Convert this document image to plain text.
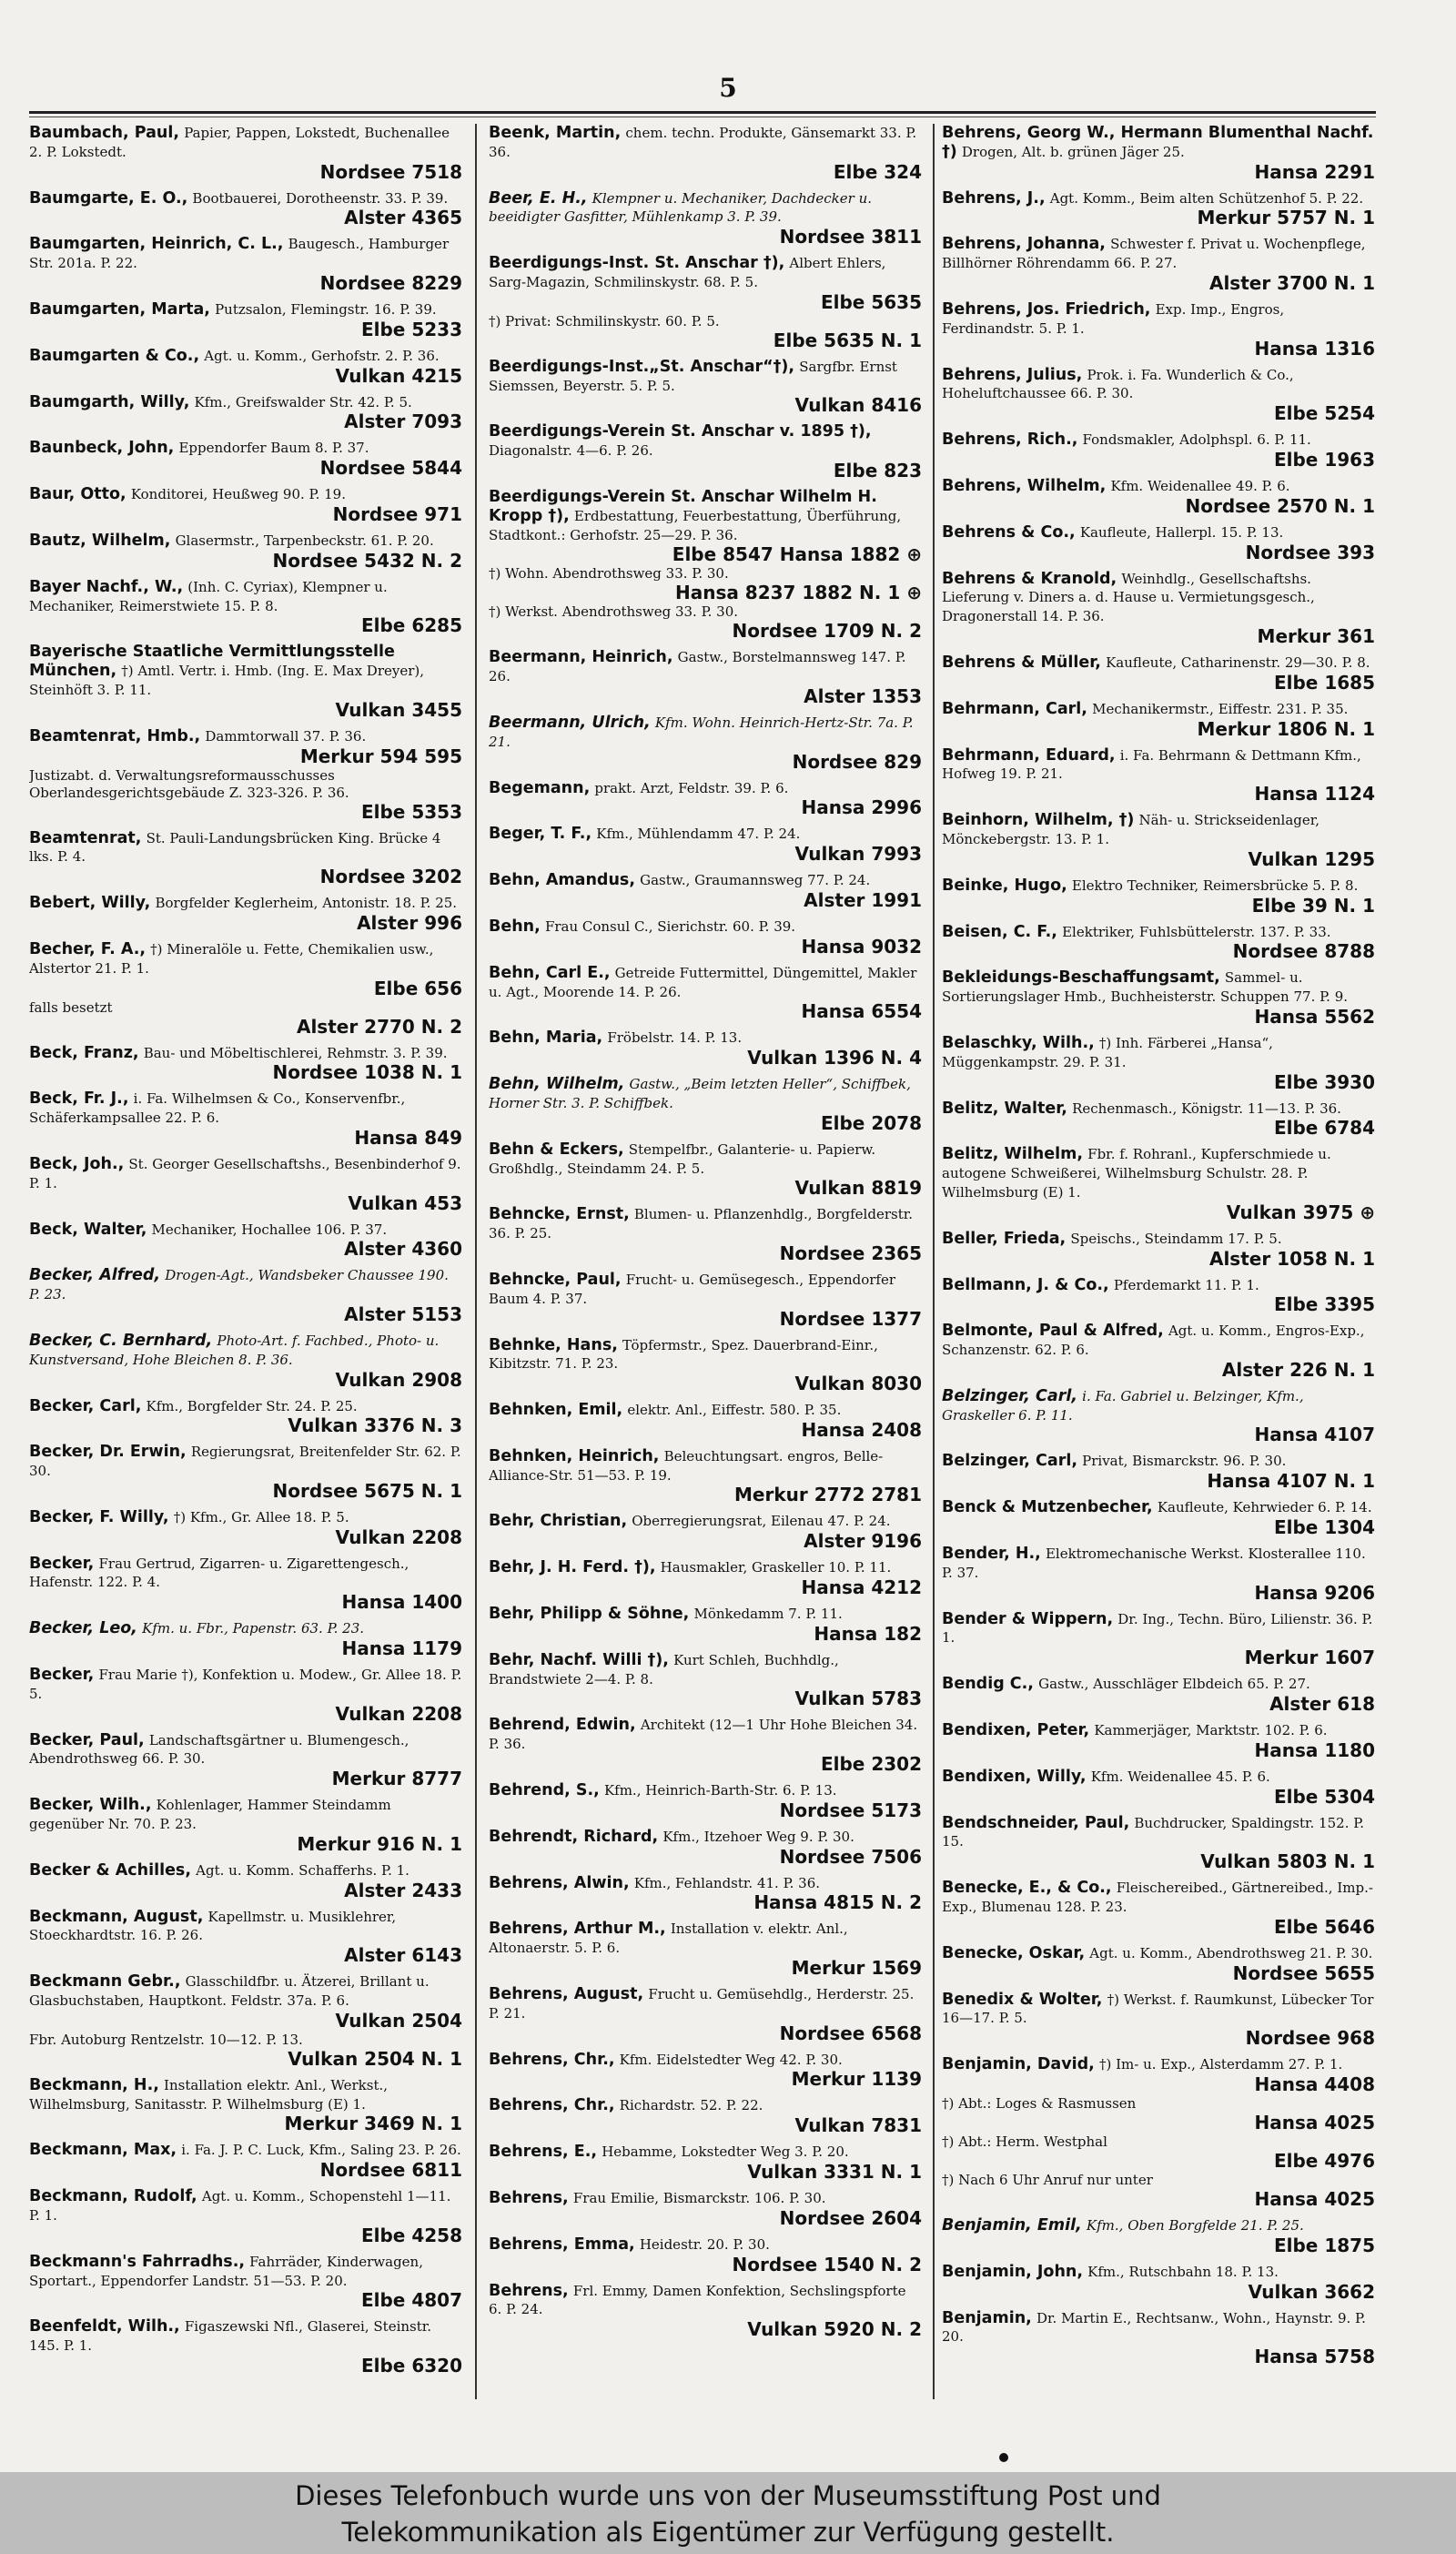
5
Baumbach, Paul, Papier, Pappen, Lokstedt, Buchenallee 2. P. Lokstedt.
Nordsee 7518
Baumgarte, E. O., Bootbauerei, Dorotheenstr. 33. P. 39.
Alster 4365
Baumgarten, Heinrich, C. L., Baugesch., Hamburger Str. 201a. P. 22.
Nordsee 8229
Baumgarten, Marta, Putzsalon, Flemingstr. 16. P. 39.
Elbe 5233
Baumgarten & Co., Agt. u. Komm., Gerhofstr. 2. P. 36.
Vulkan 4215
Baumgarth, Willy, Kfm., Greifswalder Str. 42. P. 5.
Alster 7093
Baunbeck, John, Eppendorfer Baum 8. P. 37.
Nordsee 5844
Baur, Otto, Konditorei, Heußweg 90. P. 19.
Nordsee 971
Bautz, Wilhelm, Glasermstr., Tarpenbeckstr. 61. P. 20.
Nordsee 5432 N. 2
Bayer Nachf., W., (Inh. C. Cyriax), Klempner u. Mechaniker, Reimerstwiete 15. P. 8.
Elbe 6285
Bayerische Staatliche Vermittlungsstelle München, †) Amtl. Vertr. i. Hmb. (Ing. E. Max Dreyer), Steinhöft 3. P. 11.
Vulkan 3455
Beamtenrat, Hmb., Dammtorwall 37. P. 36.
Merkur 594 595
Justizabt. d. Verwaltungsreformausschusses Oberlandesgerichtsgebäude Z. 323-326. P. 36.
Elbe 5353
Beamtenrat, St. Pauli-Landungsbrücken King. Brücke 4 lks. P. 4.
Nordsee 3202
Bebert, Willy, Borgfelder Keglerheim, Antonistr. 18. P. 25.
Alster 996
Becher, F. A., †) Mineralöle u. Fette, Chemikalien usw., Alstertor 21. P. 1.
Elbe 656
falls besetzt
Alster 2770 N. 2
Beck, Franz, Bau- und Möbeltischlerei, Rehmstr. 3. P. 39.
Nordsee 1038 N. 1
Beck, Fr. J., i. Fa. Wilhelmsen & Co., Konservenfbr., Schäferkampsallee 22. P. 6.
Hansa 849
Beck, Joh., St. Georger Gesellschaftshs., Besenbinderhof 9. P. 1.
Vulkan 453
Beck, Walter, Mechaniker, Hochallee 106. P. 37.
Alster 4360
Becker, Alfred, Drogen-Agt., Wandsbeker Chaussee 190. P. 23.
Alster 5153
Becker, C. Bernhard, Photo-Art. f. Fachbed., Photo- u. Kunstversand, Hohe Bleichen 8. P. 36.
Vulkan 2908
Becker, Carl, Kfm., Borgfelder Str. 24. P. 25.
Vulkan 3376 N. 3
Becker, Dr. Erwin, Regierungsrat, Breitenfelder Str. 62. P. 30.
Nordsee 5675 N. 1
Becker, F. Willy, †) Kfm., Gr. Allee 18. P. 5.
Vulkan 2208
Becker, Frau Gertrud, Zigarren- u. Zigarettengesch., Hafenstr. 122. P. 4.
Hansa 1400
Becker, Leo, Kfm. u. Fbr., Papenstr. 63. P. 23.
Hansa 1179
Becker, Frau Marie †), Konfektion u. Modew., Gr. Allee 18. P. 5.
Vulkan 2208
Becker, Paul, Landschaftsgärtner u. Blumengesch., Abendrothsweg 66. P. 30.
Merkur 8777
Becker, Wilh., Kohlenlager, Hammer Steindamm gegenüber Nr. 70. P. 23.
Merkur 916 N. 1
Becker & Achilles, Agt. u. Komm. Schafferhs. P. 1.
Alster 2433
Beckmann, August, Kapellmstr. u. Musiklehrer, Stoeckhardtstr. 16. P. 26.
Alster 6143
Beckmann Gebr., Glasschildfbr. u. Ätzerei, Brillant u. Glasbuchstaben, Hauptkont. Feldstr. 37a. P. 6.
Vulkan 2504
Fbr. Autoburg Rentzelstr. 10—12. P. 13.
Vulkan 2504 N. 1
Beckmann, H., Installation elektr. Anl., Werkst., Wilhelmsburg, Sanitasstr. P. Wilhelmsburg (E) 1.
Merkur 3469 N. 1
Beckmann, Max, i. Fa. J. P. C. Luck, Kfm., Saling 23. P. 26.
Nordsee 6811
Beckmann, Rudolf, Agt. u. Komm., Schopenstehl 1—11. P. 1.
Elbe 4258
Beckmann's Fahrradhs., Fahrräder, Kinderwagen, Sportart., Eppendorfer Landstr. 51—53. P. 20.
Elbe 4807
Beenfeldt, Wilh., Figaszewski Nfl., Glaserei, Steinstr. 145. P. 1.
Elbe 6320
Beenk, Martin, chem. techn. Produkte, Gänsemarkt 33. P. 36.
Elbe 324
Beer, E. H., Klempner u. Mechaniker, Dachdecker u. beeidigter Gasfitter, Mühlenkamp 3. P. 39.
Nordsee 3811
Beerdigungs-Inst. St. Anschar †), Albert Ehlers, Sarg-Magazin, Schmilinskystr. 68. P. 5.
Elbe 5635
†) Privat: Schmilinskystr. 60. P. 5.
Elbe 5635 N. 1
Beerdigungs-Inst.„St. Anschar“†), Sargfbr. Ernst Siemssen, Beyerstr. 5. P. 5.
Vulkan 8416
Beerdigungs-Verein St. Anschar v. 1895 †), Diagonalstr. 4—6. P. 26.
Elbe 823
Beerdigungs-Verein St. Anschar Wilhelm H. Kropp †), Erdbestattung, Feuerbestattung, Überführung, Stadtkont.: Gerhofstr. 25—29. P. 36.
Elbe 8547 Hansa 1882 ⊕
†) Wohn. Abendrothsweg 33. P. 30.
Hansa 8237 1882 N. 1 ⊕
†) Werkst. Abendrothsweg 33. P. 30.
Nordsee 1709 N. 2
Beermann, Heinrich, Gastw., Borstelmannsweg 147. P. 26.
Alster 1353
Beermann, Ulrich, Kfm. Wohn. Heinrich-Hertz-Str. 7a. P. 21.
Nordsee 829
Begemann, prakt. Arzt, Feldstr. 39. P. 6.
Hansa 2996
Beger, T. F., Kfm., Mühlendamm 47. P. 24.
Vulkan 7993
Behn, Amandus, Gastw., Graumannsweg 77. P. 24.
Alster 1991
Behn, Frau Consul C., Sierichstr. 60. P. 39.
Hansa 9032
Behn, Carl E., Getreide Futtermittel, Düngemittel, Makler u. Agt., Moorende 14. P. 26.
Hansa 6554
Behn, Maria, Fröbelstr. 14. P. 13.
Vulkan 1396 N. 4
Behn, Wilhelm, Gastw., „Beim letzten Heller“, Schiffbek, Horner Str. 3. P. Schiffbek.
Elbe 2078
Behn & Eckers, Stempelfbr., Galanterie- u. Papierw. Großhdlg., Steindamm 24. P. 5.
Vulkan 8819
Behncke, Ernst, Blumen- u. Pflanzenhdlg., Borgfelderstr. 36. P. 25.
Nordsee 2365
Behncke, Paul, Frucht- u. Gemüsegesch., Eppendorfer Baum 4. P. 37.
Nordsee 1377
Behnke, Hans, Töpfermstr., Spez. Dauerbrand-Einr., Kibitzstr. 71. P. 23.
Vulkan 8030
Behnken, Emil, elektr. Anl., Eiffestr. 580. P. 35.
Hansa 2408
Behnken, Heinrich, Beleuchtungsart. engros, Belle-Alliance-Str. 51—53. P. 19.
Merkur 2772 2781
Behr, Christian, Oberregierungsrat, Eilenau 47. P. 24.
Alster 9196
Behr, J. H. Ferd. †), Hausmakler, Graskeller 10. P. 11.
Hansa 4212
Behr, Philipp & Söhne, Mönkedamm 7. P. 11.
Hansa 182
Behr, Nachf. Willi †), Kurt Schleh, Buchhdlg., Brandstwiete 2—4. P. 8.
Vulkan 5783
Behrend, Edwin, Architekt (12—1 Uhr Hohe Bleichen 34. P. 36.
Elbe 2302
Behrend, S., Kfm., Heinrich-Barth-Str. 6. P. 13.
Nordsee 5173
Behrendt, Richard, Kfm., Itzehoer Weg 9. P. 30.
Nordsee 7506
Behrens, Alwin, Kfm., Fehlandstr. 41. P. 36.
Hansa 4815 N. 2
Behrens, Arthur M., Installation v. elektr. Anl., Altonaerstr. 5. P. 6.
Merkur 1569
Behrens, August, Frucht u. Gemüsehdlg., Herderstr. 25. P. 21.
Nordsee 6568
Behrens, Chr., Kfm. Eidelstedter Weg 42. P. 30.
Merkur 1139
Behrens, Chr., Richardstr. 52. P. 22.
Vulkan 7831
Behrens, E., Hebamme, Lokstedter Weg 3. P. 20.
Vulkan 3331 N. 1
Behrens, Frau Emilie, Bismarckstr. 106. P. 30.
Nordsee 2604
Behrens, Emma, Heidestr. 20. P. 30.
Nordsee 1540 N. 2
Behrens, Frl. Emmy, Damen Konfektion, Sechslingspforte 6. P. 24.
Vulkan 5920 N. 2
Behrens, Georg W., Hermann Blumenthal Nachf. †) Drogen, Alt. b. grünen Jäger 25.
Hansa 2291
Behrens, J., Agt. Komm., Beim alten Schützenhof 5. P. 22.
Merkur 5757 N. 1
Behrens, Johanna, Schwester f. Privat u. Wochenpflege, Billhörner Röhrendamm 66. P. 27.
Alster 3700 N. 1
Behrens, Jos. Friedrich, Exp. Imp., Engros, Ferdinandstr. 5. P. 1.
Hansa 1316
Behrens, Julius, Prok. i. Fa. Wunderlich & Co., Hoheluftchaussee 66. P. 30.
Elbe 5254
Behrens, Rich., Fondsmakler, Adolphspl. 6. P. 11.
Elbe 1963
Behrens, Wilhelm, Kfm. Weidenallee 49. P. 6.
Nordsee 2570 N. 1
Behrens & Co., Kaufleute, Hallerpl. 15. P. 13.
Nordsee 393
Behrens & Kranold, Weinhdlg., Gesellschaftshs. Lieferung v. Diners a. d. Hause u. Vermietungsgesch., Dragonerstall 14. P. 36.
Merkur 361
Behrens & Müller, Kaufleute, Catharinenstr. 29—30. P. 8.
Elbe 1685
Behrmann, Carl, Mechanikermstr., Eiffestr. 231. P. 35.
Merkur 1806 N. 1
Behrmann, Eduard, i. Fa. Behrmann & Dettmann Kfm., Hofweg 19. P. 21.
Hansa 1124
Beinhorn, Wilhelm, †) Näh- u. Strickseidenlager, Mönckebergstr. 13. P. 1.
Vulkan 1295
Beinke, Hugo, Elektro Techniker, Reimersbrücke 5. P. 8.
Elbe 39 N. 1
Beisen, C. F., Elektriker, Fuhlsbüttelerstr. 137. P. 33.
Nordsee 8788
Bekleidungs-Beschaffungsamt, Sammel- u. Sortierungslager Hmb., Buchheisterstr. Schuppen 77. P. 9.
Hansa 5562
Belaschky, Wilh., †) Inh. Färberei „Hansa“, Müggenkampstr. 29. P. 31.
Elbe 3930
Belitz, Walter, Rechenmasch., Königstr. 11—13. P. 36.
Elbe 6784
Belitz, Wilhelm, Fbr. f. Rohranl., Kupferschmiede u. autogene Schweißerei, Wilhelmsburg Schulstr. 28. P. Wilhelmsburg (E) 1.
Vulkan 3975 ⊕
Beller, Frieda, Speischs., Steindamm 17. P. 5.
Alster 1058 N. 1
Bellmann, J. & Co., Pferdemarkt 11. P. 1.
Elbe 3395
Belmonte, Paul & Alfred, Agt. u. Komm., Engros-Exp., Schanzenstr. 62. P. 6.
Alster 226 N. 1
Belzinger, Carl, i. Fa. Gabriel u. Belzinger, Kfm., Graskeller 6. P. 11.
Hansa 4107
Belzinger, Carl, Privat, Bismarckstr. 96. P. 30.
Hansa 4107 N. 1
Benck & Mutzenbecher, Kaufleute, Kehrwieder 6. P. 14.
Elbe 1304
Bender, H., Elektromechanische Werkst. Klosterallee 110. P. 37.
Hansa 9206
Bender & Wippern, Dr. Ing., Techn. Büro, Lilienstr. 36. P. 1.
Merkur 1607
Bendig C., Gastw., Ausschläger Elbdeich 65. P. 27.
Alster 618
Bendixen, Peter, Kammerjäger, Marktstr. 102. P. 6.
Hansa 1180
Bendixen, Willy, Kfm. Weidenallee 45. P. 6.
Elbe 5304
Bendschneider, Paul, Buchdrucker, Spaldingstr. 152. P. 15.
Vulkan 5803 N. 1
Benecke, E., & Co., Fleischereibed., Gärtnereibed., Imp.-Exp., Blumenau 128. P. 23.
Elbe 5646
Benecke, Oskar, Agt. u. Komm., Abendrothsweg 21. P. 30.
Nordsee 5655
Benedix & Wolter, †) Werkst. f. Raumkunst, Lübecker Tor 16—17. P. 5.
Nordsee 968
Benjamin, David, †) Im- u. Exp., Alsterdamm 27. P. 1.
Hansa 4408
†) Abt.: Loges & Rasmussen
Hansa 4025
†) Abt.: Herm. Westphal
Elbe 4976
†) Nach 6 Uhr Anruf nur unter
Hansa 4025
Benjamin, Emil, Kfm., Oben Borgfelde 21. P. 25.
Elbe 1875
Benjamin, John, Kfm., Rutschbahn 18. P. 13.
Vulkan 3662
Benjamin, Dr. Martin E., Rechtsanw., Wohn., Haynstr. 9. P. 20.
Hansa 5758
Dieses Telefonbuch wurde uns von der Museumsstiftung Post und
Telekommunikation als Eigentümer zur Verfügung gestellt.
